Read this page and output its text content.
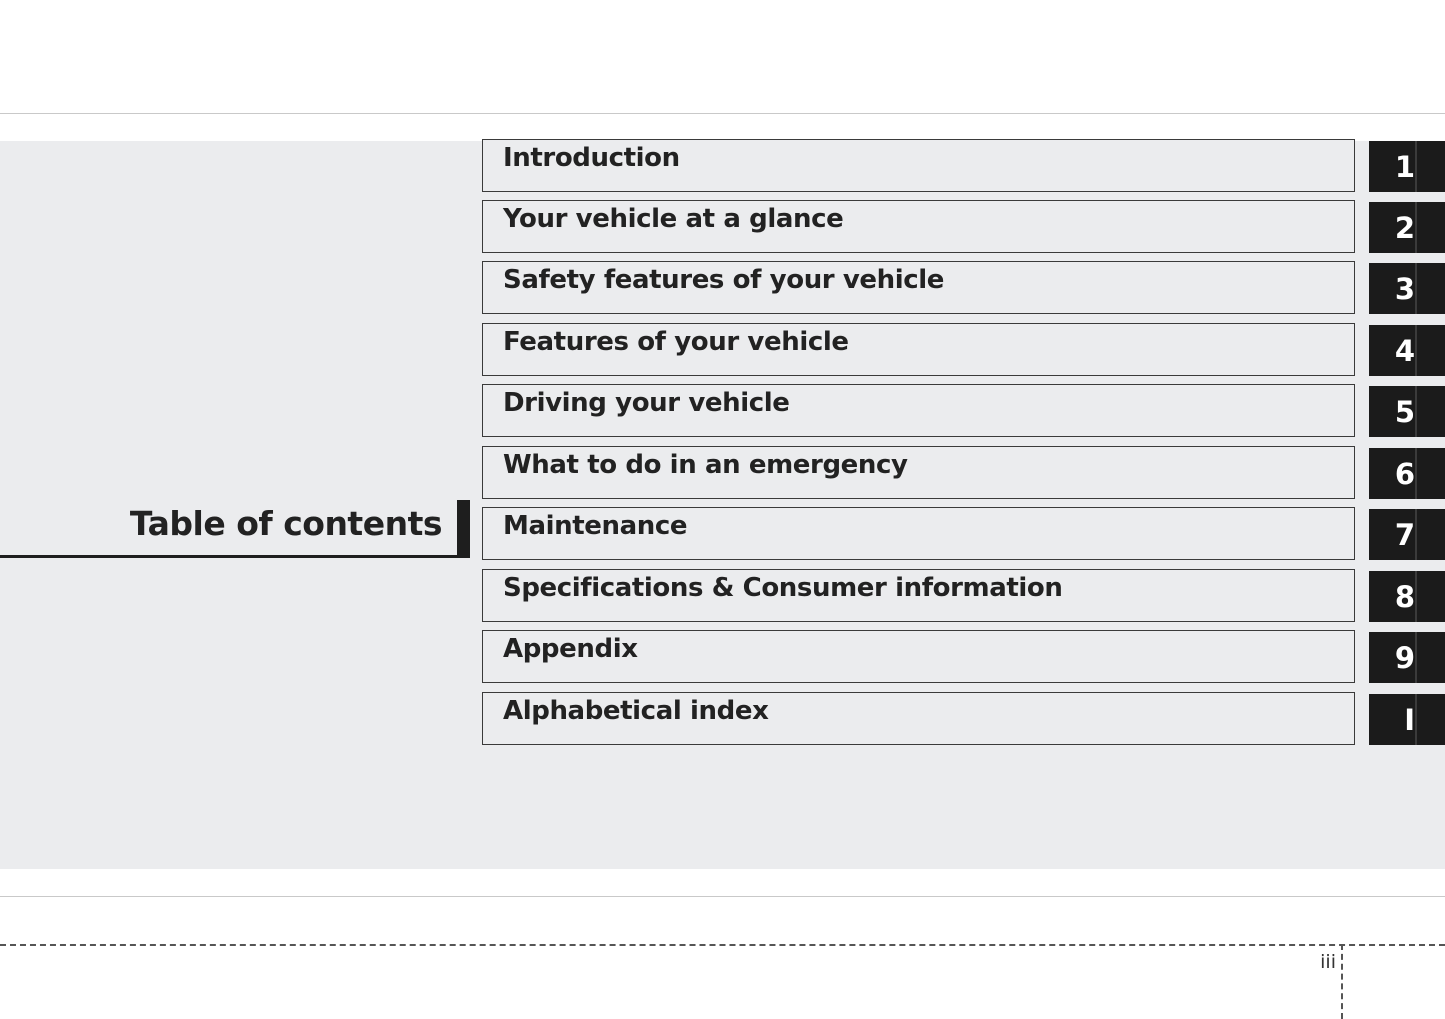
Table of contents
Introduction	1
Your vehicle at a glance	2
Safety features of your vehicle	3
Features of your vehicle	4
Driving your vehicle	5
What to do in an emergency	6
Maintenance	7
Specifications & Consumer information	8
Appendix	9
Alphabetical index	I
iii
